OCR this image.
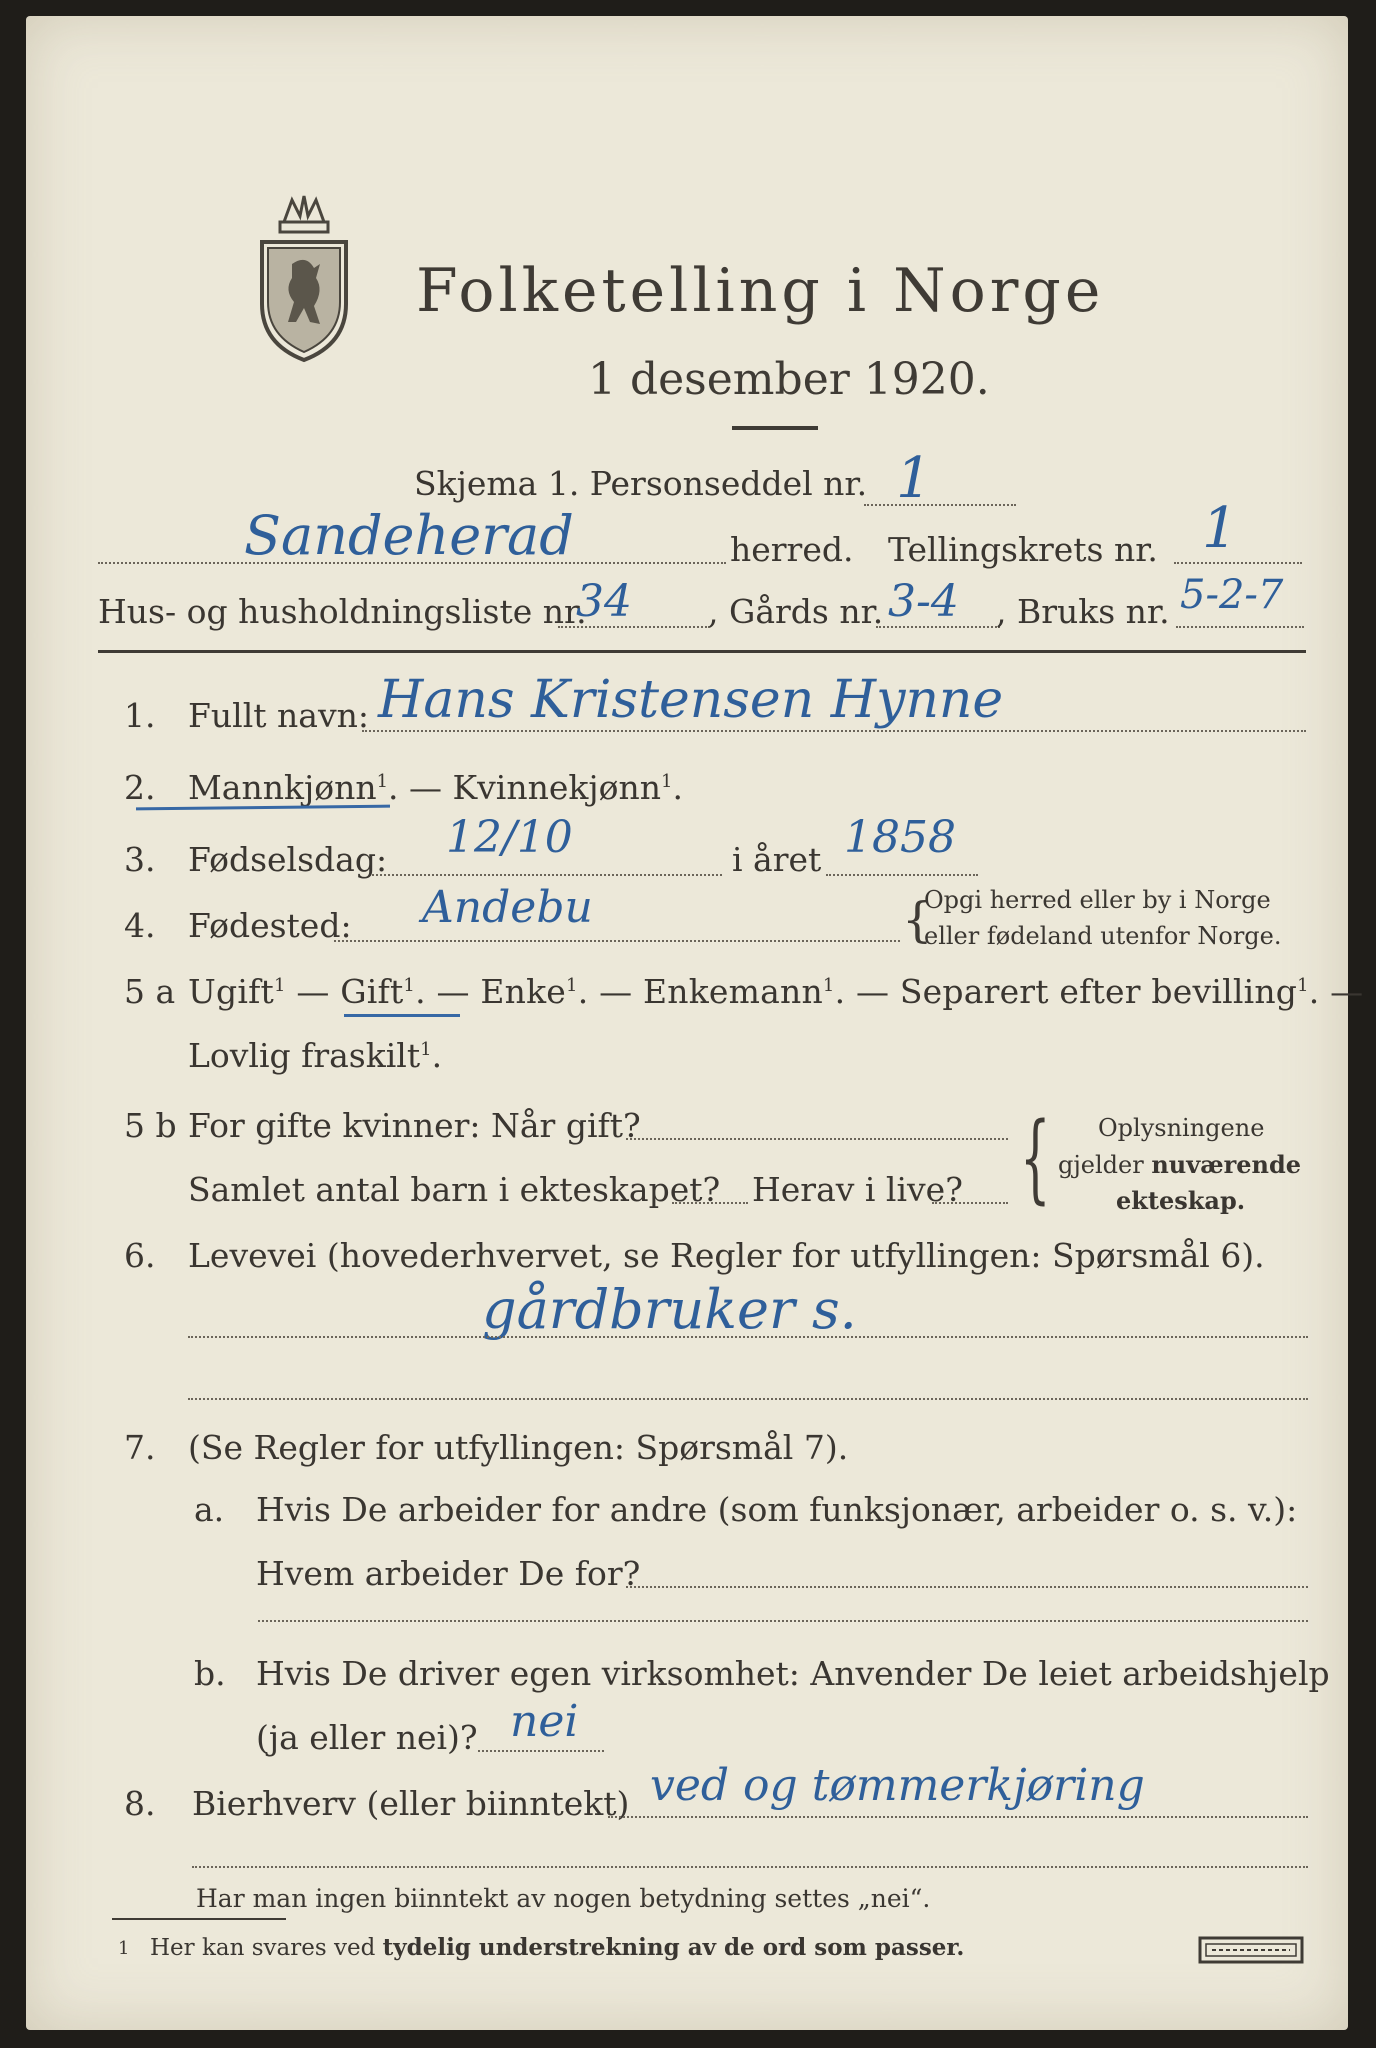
Folketelling i Norge
1 desember 1920.
Skjema 1. Personseddel nr. 1
Sandeherad	herred. Tellingskrets nr. 1
Hus- og husholdningsliste nr.
34 , Gårds nr. 3-4 , Bruks nr. 5-2-7
1. Fullt navn: Hans Kristensen Hynne
2. Mannkjønn$^1$. — Kvinnekjønn$^1$.
3. Fødselsdag: 12/10	i året 1858
4. Fødested: Andebu	{
Opgi herred eller by i Norge
eller fødeland utenfor Norge.
5 a Ugift$^1$ — Gift$^1$. — Enke$^1$. — Enkemann$^1$. — Separert efter bevilling$^1$. —
Lovlig fraskilt$^1$.
5 b For gifte kvinner: Når gift?
Samlet antal barn i ekteskapet? Herav i live? { Oplysningene
gjelder nuværende
ekteskap.
6. Levevei (hovederhvervet, se Regler for utfyllingen: Spørsmål 6).
gårdbruker s.
7. (Se Regler for utfyllingen: Spørsmål 7).
a. Hvis De arbeider for andre (som funksjonær, arbeider o. s. v.):
Hvem arbeider De for?
b. Hvis De driver egen virksomhet: Anvender De leiet arbeidshjelp
(ja eller nei)? nei
8. Bierhverv (eller biinntekt) ved og tømmerkjøring
Har man ingen biinntekt av nogen betydning settes „nei“.
1 Her kan svares ved tydelig understrekning av de ord som passer.
